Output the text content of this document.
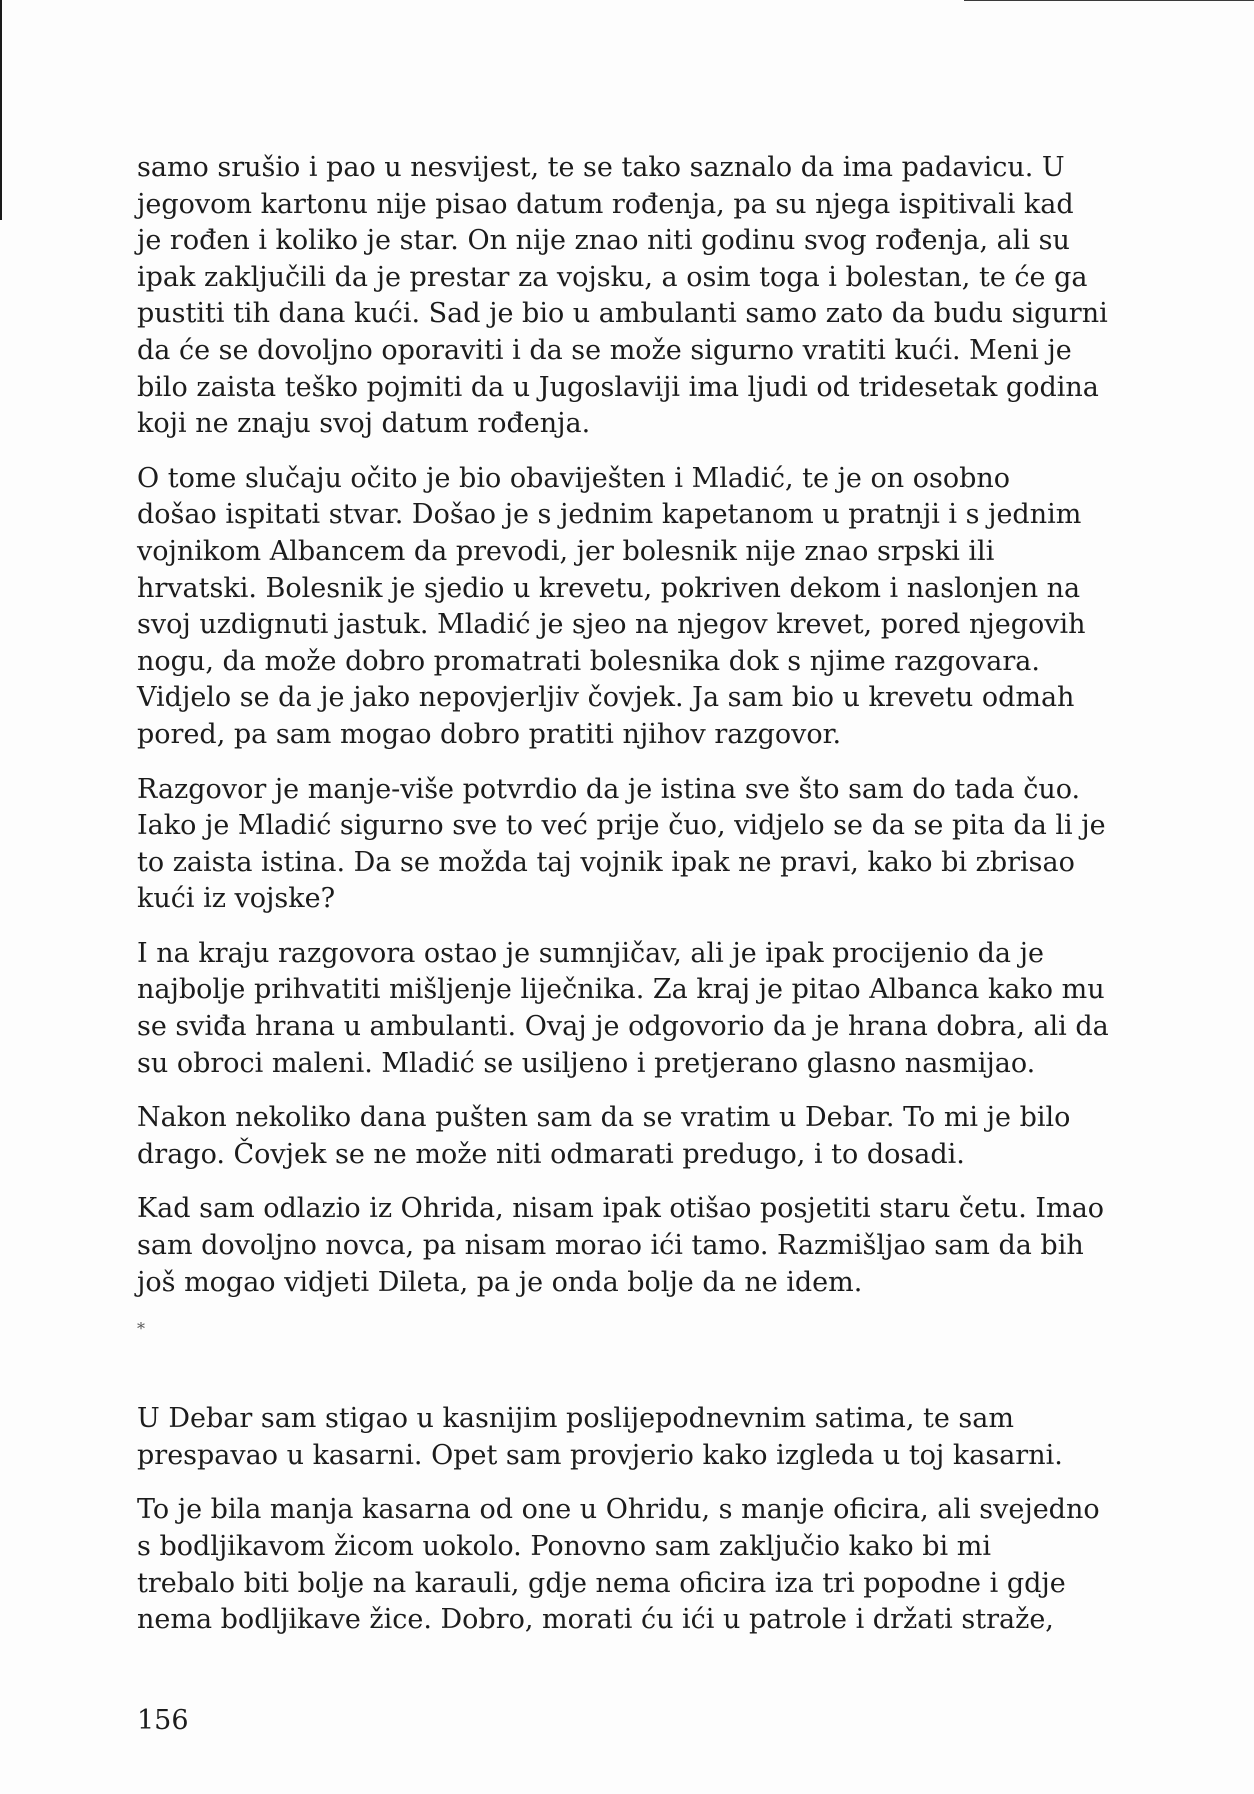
samo srušio i pao u nesvijest, te se tako saznalo da ima padavicu. U
jegovom kartonu nije pisao datum rođenja, pa su njega ispitivali kad
je rođen i koliko je star. On nije znao niti godinu svog rođenja, ali su
ipak zaključili da je prestar za vojsku, a osim toga i bolestan, te će ga
pustiti tih dana kući. Sad je bio u ambulanti samo zato da budu sigurni
da će se dovoljno oporaviti i da se može sigurno vratiti kući. Meni je
bilo zaista teško pojmiti da u Jugoslaviji ima ljudi od tridesetak godina
koji ne znaju svoj datum rođenja.

O tome slučaju očito je bio obaviješten i Mladić, te je on osobno
došao ispitati stvar. Došao je s jednim kapetanom u pratnji i s jednim
vojnikom Albancem da prevodi, jer bolesnik nije znao srpski ili
hrvatski. Bolesnik je sjedio u krevetu, pokriven dekom i naslonjen na
svoj uzdignuti jastuk. Mladić je sjeo na njegov krevet, pored njegovih
nogu, da može dobro promatrati bolesnika dok s njime razgovara.
Vidjelo se da je jako nepovjerljiv čovjek. Ja sam bio u krevetu odmah
pored, pa sam mogao dobro pratiti njihov razgovor.

Razgovor je manje-više potvrdio da je istina sve što sam do tada čuo.
Iako je Mladić sigurno sve to već prije čuo, vidjelo se da se pita da li je
to zaista istina. Da se možda taj vojnik ipak ne pravi, kako bi zbrisao
kući iz vojske?

I na kraju razgovora ostao je sumnjičav, ali je ipak procijenio da je
najbolje prihvatiti mišljenje liječnika. Za kraj je pitao Albanca kako mu
se sviđa hrana u ambulanti. Ovaj je odgovorio da je hrana dobra, ali da
su obroci maleni. Mladić se usiljeno i pretjerano glasno nasmijao.

Nakon nekoliko dana pušten sam da se vratim u Debar. To mi je bilo
drago. Čovjek se ne može niti odmarati predugo, i to dosadi.

Kad sam odlazio iz Ohrida, nisam ipak otišao posjetiti staru četu. Imao
sam dovoljno novca, pa nisam morao ići tamo. Razmišljao sam da bih
još mogao vidjeti Dileta, pa je onda bolje da ne idem.

*

U Debar sam stigao u kasnijim poslijepodnevnim satima, te sam
prespavao u kasarni. Opet sam provjerio kako izgleda u toj kasarni.

To je bila manja kasarna od one u Ohridu, s manje oficira, ali svejedno
s bodljikavom žicom uokolo. Ponovno sam zaključio kako bi mi
trebalo biti bolje na karauli, gdje nema oficira iza tri popodne i gdje
nema bodljikave žice. Dobro, morati ću ići u patrole i držati straže,

156
